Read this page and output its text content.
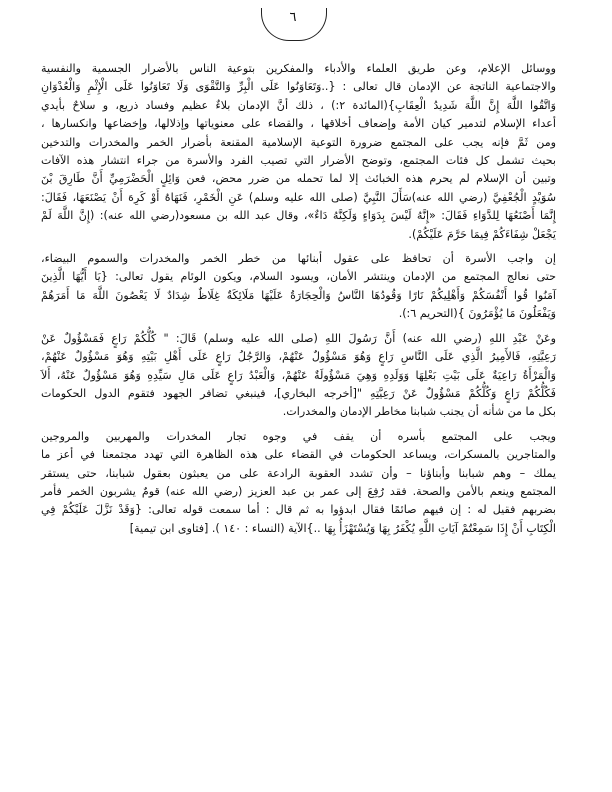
٦
ووسائل الإعلام، وعن طريق العلماء والأدباء والمفكرين بتوعية الناس بالأضرار الجسمية والنفسية
والاجتماعية الناتجة عن الإدمان قال تعالى : {..وَتَعَاوَنُوا عَلَى الْبِرِّ وَالتَّقْوَى وَلَا تَعَاوَنُوا عَلَى الْإِثْمِ وَالْعُدْوَانِ
وَاتَّقُوا اللَّهَ إِنَّ اللَّهَ شَدِيدُ الْعِقَابِ}(المائدة ٢:) ، ذلك أنَّ الإدمان بلاءٌ عظيم وفساد ذريع، و سلاحٌ بأيدي
أعداء الإسلام لتدمير كيان الأمة وإضعاف أخلاقها ، والقضاء على معنوياتها وإذلالها، وإخضاعها وانكسارها ،
ومن ثَمَّ فإنه يجب على المجتمع ضرورة التوعية الإسلامية المقنعة بأضرار الخمر والمخدرات والتدخين
بحيث تشمل كل فئات المجتمع، وتوضح الأضرار التي تصيب الفرد والأسرة من جراء انتشار هذه الآفات
وتبين أن الإسلام لم يحرم هذه الخبائث إلا لما تحمله من ضرر محض، فعن وَائِلٍ الْحَضْرَمِيِّ أَنَّ طَارِقَ بْنَ
سُوَيْدٍ الْجُعْفِيَّ (رضي الله عنه)سَأَلَ النَّبِيَّ (صلى الله عليه وسلم) عَنِ الْخَمْرِ، فَنَهَاهُ أَوْ كَرِهَ أَنْ يَصْنَعَهَا، فَقَالَ:
إِنَّمَا أَصْنَعُهَا لِلدَّوَاءِ فَقَالَ: «إِنَّهُ لَيْسَ بِدَوَاءٍ وَلَكِنَّهُ دَاءٌ»، وقال عبد الله بن مسعود(رضي الله عنه): (إِنَّ اللَّهَ لَمْ
يَجْعَلْ شِفَاءَكُمْ فِيمَا حَرَّمَ عَلَيْكُمْ).
إن واجب الأسرة أن تحافظ على عقول أبنائها من خطر الخمر والمخدرات والسموم البيضاء،
حتى نعالج المجتمع من الإدمان وينتشر الأمان، ويسود السلام، ويكون الوئام يقول تعالى: {يَا أَيُّهَا الَّذِينَ
آمَنُوا قُوا أَنْفُسَكُمْ وَأَهْلِيكُمْ نَارًا وَقُودُهَا النَّاسُ وَالْحِجَارَةُ عَلَيْهَا مَلَائِكَةٌ غِلَاظٌ شِدَادٌ لَا يَعْصُونَ اللَّهَ مَا أَمَرَهُمْ
وَيَفْعَلُونَ مَا يُؤْمَرُونَ }(التحريم ٦:).
وعَنْ عَبْدِ اللهِ (رضي الله عنه) أَنَّ رَسُولَ اللهِ (صلى الله عليه وسلم) قَالَ: " كُلُّكُمْ رَاعٍ فَمَسْؤُولٌ عَنْ
رَعِيَّتِهِ، فَالأَمِيرُ الَّذِي عَلَى النَّاسِ رَاعٍ وَهُوَ مَسْؤُولٌ عَنْهُمْ، وَالرَّجُلُ رَاعٍ عَلَى أَهْلِ بَيْتِهِ وَهُوَ مَسْؤُولٌ عَنْهُمْ،
وَالْمَرْأَةُ رَاعِيَةٌ عَلَى بَيْتِ بَعْلِهَا وَوَلَدِهِ وَهِيَ مَسْؤُولَةٌ عَنْهُمْ، وَالْعَبْدُ رَاعٍ عَلَى مَالِ سَيِّدِهِ وَهُوَ مَسْؤُولٌ عَنْهُ، أَلاَ
فَكُلُّكُمْ رَاعٍ وَكُلُّكُمْ مَسْؤُولٌ عَنْ رَعِيَّتِهِ "[أخرجه البخاري]، فينبغي تضافر الجهود فتقوم الدول الحكومات
بكل ما من شأنه أن يجنب شبابنا مخاطر الإدمان والمخدرات.
ويجب على المجتمع بأسره أن يقف في وجوه تجار المخدرات والمهربين والمروجين
والمتاجرين بالمسكرات، ويساعد الحكومات في القضاء على هذه الظاهرة التي تهدد مجتمعنا في أعز ما
يملك – وهم شبابنا وأبناؤنا – وأن تشدد العقوبة الرادعة على من يعبثون بعقول شبابنا، حتى يستقر
المجتمع وينعم بالأمن والصحة. فقد رُفِعَ إلى عمر بن عبد العزيز (رضي الله عنه) قومٌ يشربون الخمر فأمر
بضربهم فقيل له : إن فيهم صائمًا فقال ابدؤوا به ثم قال : أما سمعت قوله تعالى: {وَقَدْ نَزَّلَ عَلَيْكُمْ فِي
الْكِتَابِ أَنْ إِذَا سَمِعْتُمْ آيَاتِ اللَّهِ يُكْفَرُ بِهَا وَيُسْتَهْزَأُ بِهَا ..}الآية (النساء : ١٤٠ ). [فتاوى ابن تيمية]
